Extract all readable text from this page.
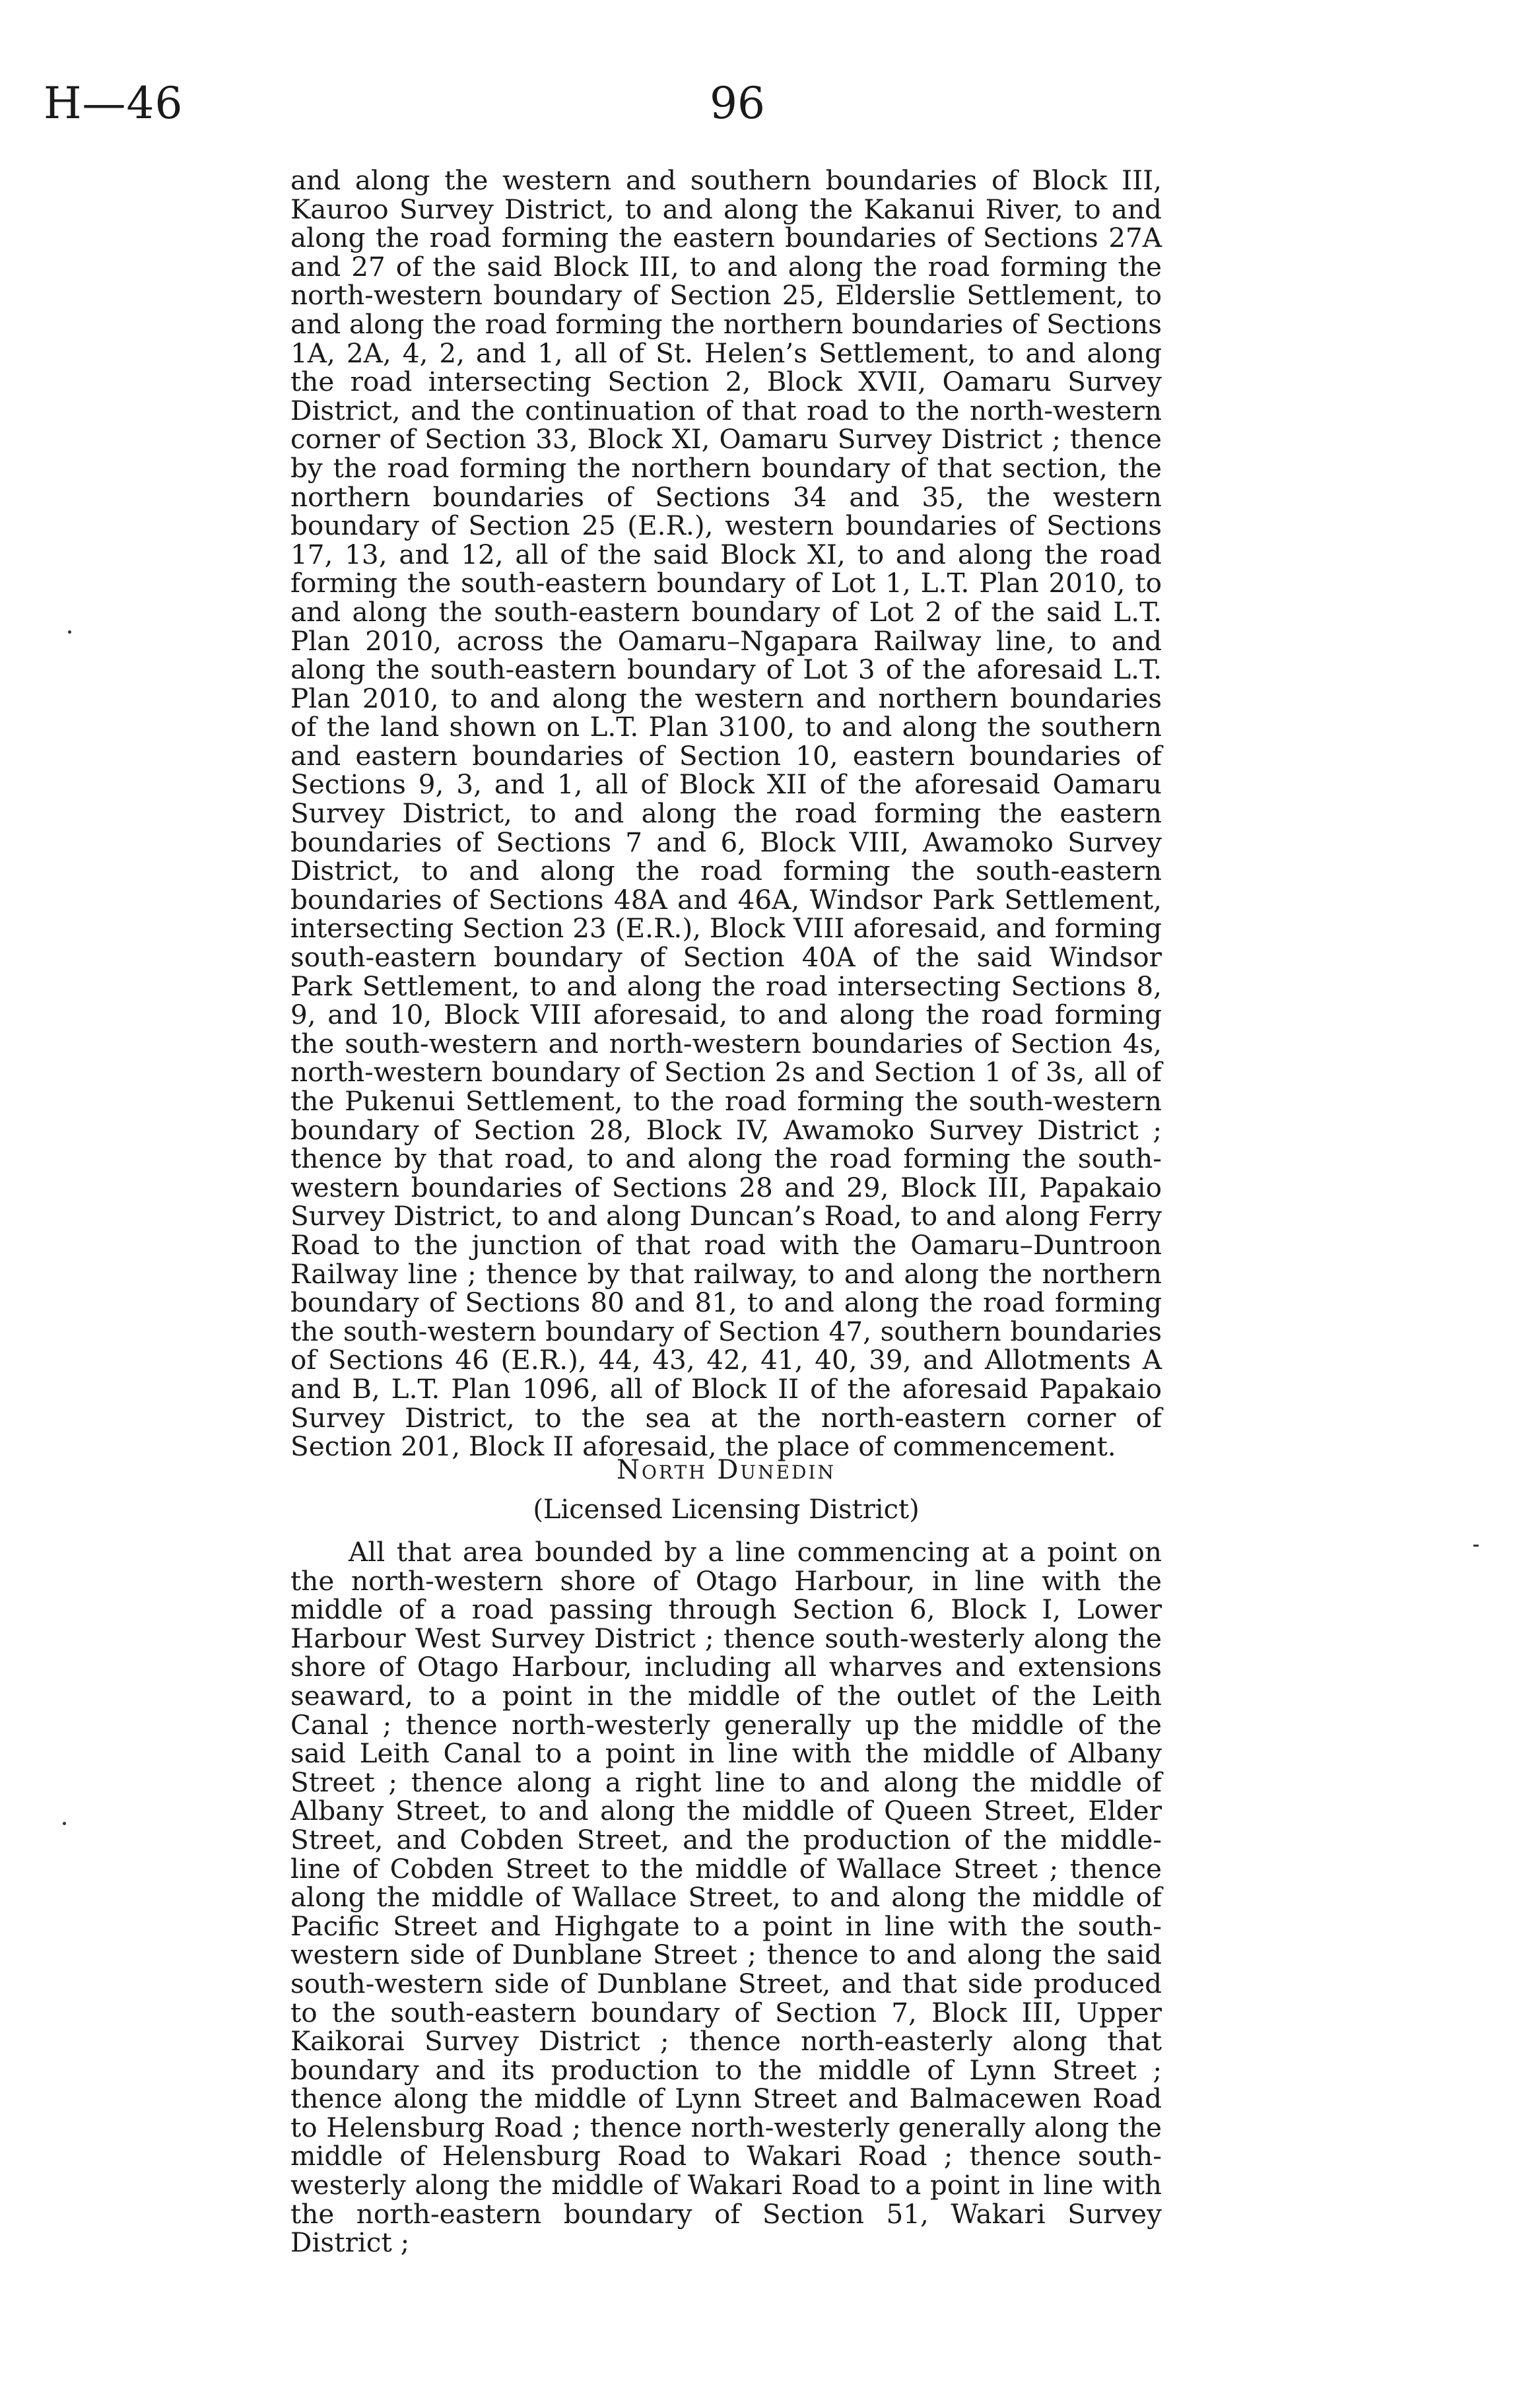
H—46	96

and along the western and southern boundaries of Block III, Kauroo Survey District, to and along the Kakanui River, to and along the road forming the eastern boundaries of Sections 27A and 27 of the said Block III, to and along the road forming the north-western boundary of Section 25, Elderslie Settlement, to and along the road forming the northern boundaries of Sections 1A, 2A, 4, 2, and 1, all of St. Helen’s Settlement, to and along the road intersecting Section 2, Block XVII, Oamaru Survey District, and the continuation of that road to the north-western corner of Section 33, Block XI, Oamaru Survey District ; thence by the road forming the northern boundary of that section, the northern boundaries of Sections 34 and 35, the western boundary of Section 25 (E.R.), western boundaries of Sections 17, 13, and 12, all of the said Block XI, to and along the road forming the south-eastern boundary of Lot 1, L.T. Plan 2010, to and along the south-eastern boundary of Lot 2 of the said L.T. Plan 2010, across the Oamaru–Ngapara Railway line, to and along the south-eastern boundary of Lot 3 of the aforesaid L.T. Plan 2010, to and along the western and northern boundaries of the land shown on L.T. Plan 3100, to and along the southern and eastern boundaries of Section 10, eastern boundaries of Sections 9, 3, and 1, all of Block XII of the aforesaid Oamaru Survey District, to and along the road forming the eastern boundaries of Sections 7 and 6, Block VIII, Awamoko Survey District, to and along the road forming the south-eastern boundaries of Sections 48A and 46A, Windsor Park Settlement, intersecting Section 23 (E.R.), Block VIII aforesaid, and forming south-eastern boundary of Section 40A of the said Windsor Park Settlement, to and along the road intersecting Sections 8, 9, and 10, Block VIII aforesaid, to and along the road forming the south-western and north-western boundaries of Section 4s, north-western boundary of Section 2s and Section 1 of 3s, all of the Pukenui Settlement, to the road forming the south-western boundary of Section 28, Block IV, Awamoko Survey District ; thence by that road, to and along the road forming the south-western boundaries of Sections 28 and 29, Block III, Papakaio Survey District, to and along Duncan’s Road, to and along Ferry Road to the junction of that road with the Oamaru–Duntroon Railway line ; thence by that railway, to and along the northern boundary of Sections 80 and 81, to and along the road forming the south-western boundary of Section 47, southern boundaries of Sections 46 (E.R.), 44, 43, 42, 41, 40, 39, and Allotments A and B, L.T. Plan 1096, all of Block II of the aforesaid Papakaio Survey District, to the sea at the north-eastern corner of Section 201, Block II aforesaid, the place of commencement.

North Dunedin

(Licensed Licensing District)

All that area bounded by a line commencing at a point on the north-western shore of Otago Harbour, in line with the middle of a road passing through Section 6, Block I, Lower Harbour West Survey District ; thence south-westerly along the shore of Otago Harbour, including all wharves and extensions seaward, to a point in the middle of the outlet of the Leith Canal ; thence north-westerly generally up the middle of the said Leith Canal to a point in line with the middle of Albany Street ; thence along a right line to and along the middle of Albany Street, to and along the middle of Queen Street, Elder Street, and Cobden Street, and the production of the middle-line of Cobden Street to the middle of Wallace Street ; thence along the middle of Wallace Street, to and along the middle of Pacific Street and Highgate to a point in line with the south-western side of Dunblane Street ; thence to and along the said south-western side of Dunblane Street, and that side produced to the south-eastern boundary of Section 7, Block III, Upper Kaikorai Survey District ; thence north-easterly along that boundary and its production to the middle of Lynn Street ; thence along the middle of Lynn Street and Balmacewen Road to Helensburg Road ; thence north-westerly generally along the middle of Helensburg Road to Wakari Road ; thence south-westerly along the middle of Wakari Road to a point in line with the north-eastern boundary of Section 51, Wakari Survey District ;
